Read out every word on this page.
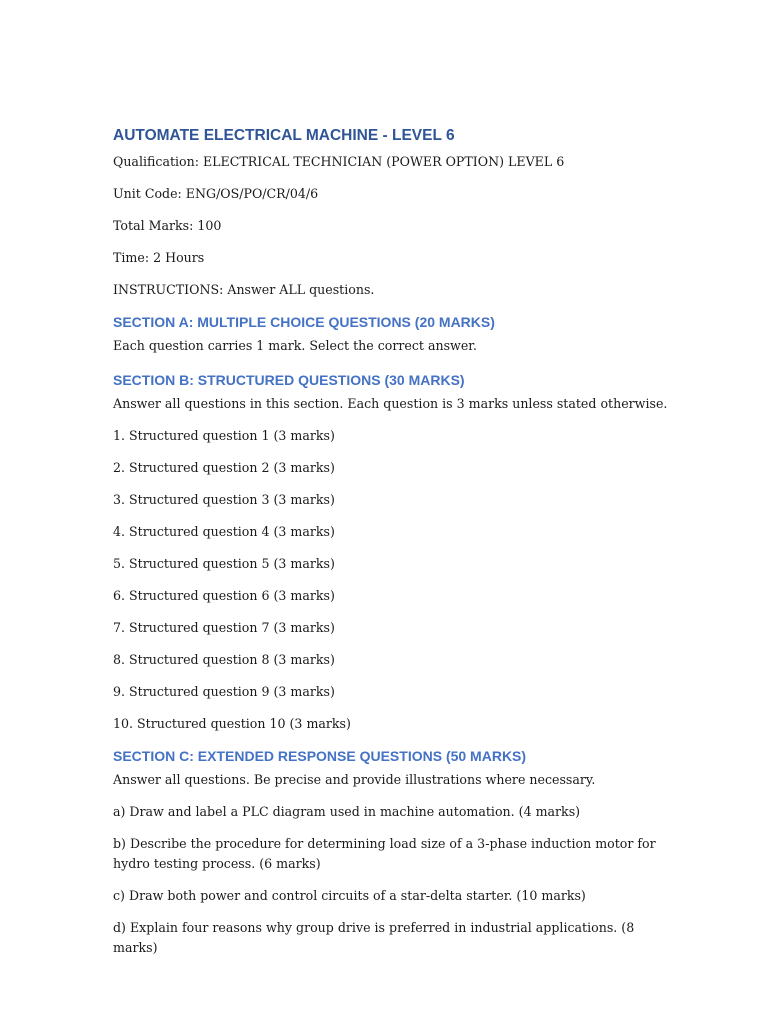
AUTOMATE ELECTRICAL MACHINE - LEVEL 6

Qualification: ELECTRICAL TECHNICIAN (POWER OPTION) LEVEL 6

Unit Code: ENG/OS/PO/CR/04/6

Total Marks: 100

Time: 2 Hours

INSTRUCTIONS: Answer ALL questions.

SECTION A: MULTIPLE CHOICE QUESTIONS (20 MARKS)

Each question carries 1 mark. Select the correct answer.

SECTION B: STRUCTURED QUESTIONS (30 MARKS)

Answer all questions in this section. Each question is 3 marks unless stated otherwise.

1. Structured question 1 (3 marks)

2. Structured question 2 (3 marks)

3. Structured question 3 (3 marks)

4. Structured question 4 (3 marks)

5. Structured question 5 (3 marks)

6. Structured question 6 (3 marks)

7. Structured question 7 (3 marks)

8. Structured question 8 (3 marks)

9. Structured question 9 (3 marks)

10. Structured question 10 (3 marks)

SECTION C: EXTENDED RESPONSE QUESTIONS (50 MARKS)

Answer all questions. Be precise and provide illustrations where necessary.

a) Draw and label a PLC diagram used in machine automation. (4 marks)

b) Describe the procedure for determining load size of a 3-phase induction motor for hydro testing process. (6 marks)

c) Draw both power and control circuits of a star-delta starter. (10 marks)

d) Explain four reasons why group drive is preferred in industrial applications. (8 marks)
